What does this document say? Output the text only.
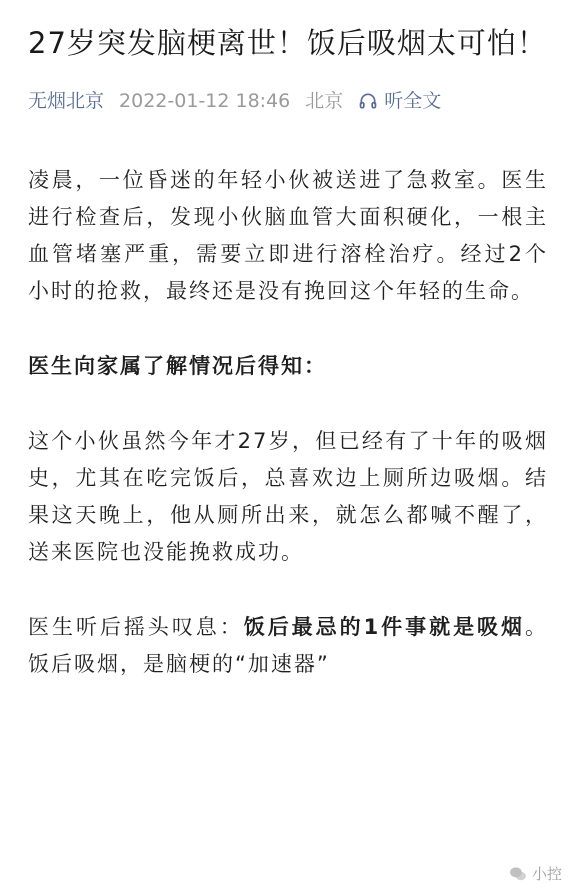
27岁突发脑梗离世！饭后吸烟太可怕！
无烟北京 2022-01-12 18:46 北京 听全文

凌晨，一位昏迷的年轻小伙被送进了急救室。医生进行检查后，发现小伙脑血管大面积硬化，一根主血管堵塞严重，需要立即进行溶栓治疗。经过2个小时的抢救，最终还是没有挽回这个年轻的生命。

医生向家属了解情况后得知：

这个小伙虽然今年才27岁，但已经有了十年的吸烟史，尤其在吃完饭后，总喜欢边上厕所边吸烟。结果这天晚上，他从厕所出来，就怎么都喊不醒了，送来医院也没能挽救成功。

医生听后摇头叹息：饭后最忌的1件事就是吸烟。饭后吸烟，是脑梗的“加速器”

小控
